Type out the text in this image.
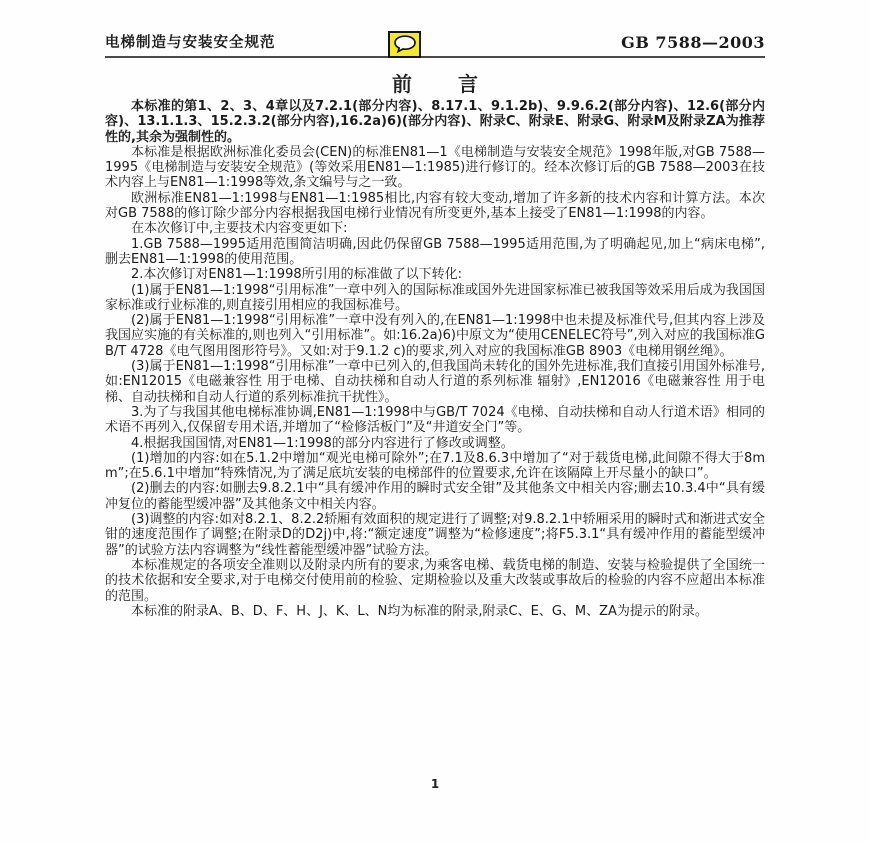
电梯制造与安装安全规范	GB 7588—2003
前 言

本标准的第1、2、3、4章以及7.2.1(部分内容)、8.17.1、9.1.2b)、9.9.6.2(部分内容)、12.6(部分内容)、13.1.1.3、15.2.3.2(部分内容),16.2a)6)(部分内容)、附录C、附录E、附录G、附录M及附录ZA为推荐性的,其余为强制性的。

本标准是根据欧洲标准化委员会(CEN)的标准EN81—1《电梯制造与安装安全规范》1998年版,对GB 7588—1995《电梯制造与安装安全规范》(等效采用EN81—1:1985)进行修订的。经本次修订后的GB 7588—2003在技术内容上与EN81—1:1998等效,条文编号与之一致。

欧洲标准EN81—1:1998与EN81—1:1985相比,内容有较大变动,增加了许多新的技术内容和计算方法。本次对GB 7588的修订除少部分内容根据我国电梯行业情况有所变更外,基本上接受了EN81—1:1998的内容。

在本次修订中,主要技术内容变更如下:

1.GB 7588—1995适用范围简洁明确,因此仍保留GB 7588—1995适用范围,为了明确起见,加上“病床电梯”,删去EN81—1:1998的使用范围。

2.本次修订对EN81—1:1998所引用的标准做了以下转化:

(1)属于EN81—1:1998“引用标准”一章中列入的国际标准或国外先进国家标准已被我国等效采用后成为我国国家标准或行业标准的,则直接引用相应的我国标准号。

(2)属于EN81—1:1998“引用标准”一章中没有列入的,在EN81—1:1998中也未提及标准代号,但其内容上涉及我国应实施的有关标准的,则也列入“引用标准”。如:16.2a)6)中原文为“使用CENELEC符号”,列入对应的我国标准GB/T 4728《电气图用图形符号》。又如:对于9.1.2 c)的要求,列入对应的我国标准GB 8903《电梯用钢丝绳》。

(3)属于EN81—1:1998“引用标准”一章中已列入的,但我国尚未转化的国外先进标准,我们直接引用国外标准号,如:EN12015《电磁兼容性 用于电梯、自动扶梯和自动人行道的系列标准 辐射》,EN12016《电磁兼容性 用于电梯、自动扶梯和自动人行道的系列标准抗干扰性》。

3.为了与我国其他电梯标准协调,EN81—1:1998中与GB/T 7024《电梯、自动扶梯和自动人行道术语》相同的术语不再列入,仅保留专用术语,并增加了“检修活板门”及“井道安全门”等。

4.根据我国国情,对EN81—1:1998的部分内容进行了修改或调整。

(1)增加的内容:如在5.1.2中增加“观光电梯可除外”;在7.1及8.6.3中增加了“对于载货电梯,此间隙不得大于8mm”;在5.6.1中增加“特殊情况,为了满足底坑安装的电梯部件的位置要求,允许在该隔障上开尽量小的缺口”。

(2)删去的内容:如删去9.8.2.1中“具有缓冲作用的瞬时式安全钳”及其他条文中相关内容;删去10.3.4中“具有缓冲复位的蓄能型缓冲器”及其他条文中相关内容。

(3)调整的内容:如对8.2.1、8.2.2轿厢有效面积的规定进行了调整;对9.8.2.1中轿厢采用的瞬时式和渐进式安全钳的速度范围作了调整;在附录D的D2j)中,将:“额定速度”调整为“检修速度”;将F5.3.1“具有缓冲作用的蓄能型缓冲器”的试验方法内容调整为“线性蓄能型缓冲器”试验方法。

本标准规定的各项安全准则以及附录内所有的要求,为乘客电梯、载货电梯的制造、安装与检验提供了全国统一的技术依据和安全要求,对于电梯交付使用前的检验、定期检验以及重大改装或事故后的检验的内容不应超出本标准的范围。

本标准的附录A、B、D、F、H、J、K、L、N均为标准的附录,附录C、E、G、M、ZA为提示的附录。

1
